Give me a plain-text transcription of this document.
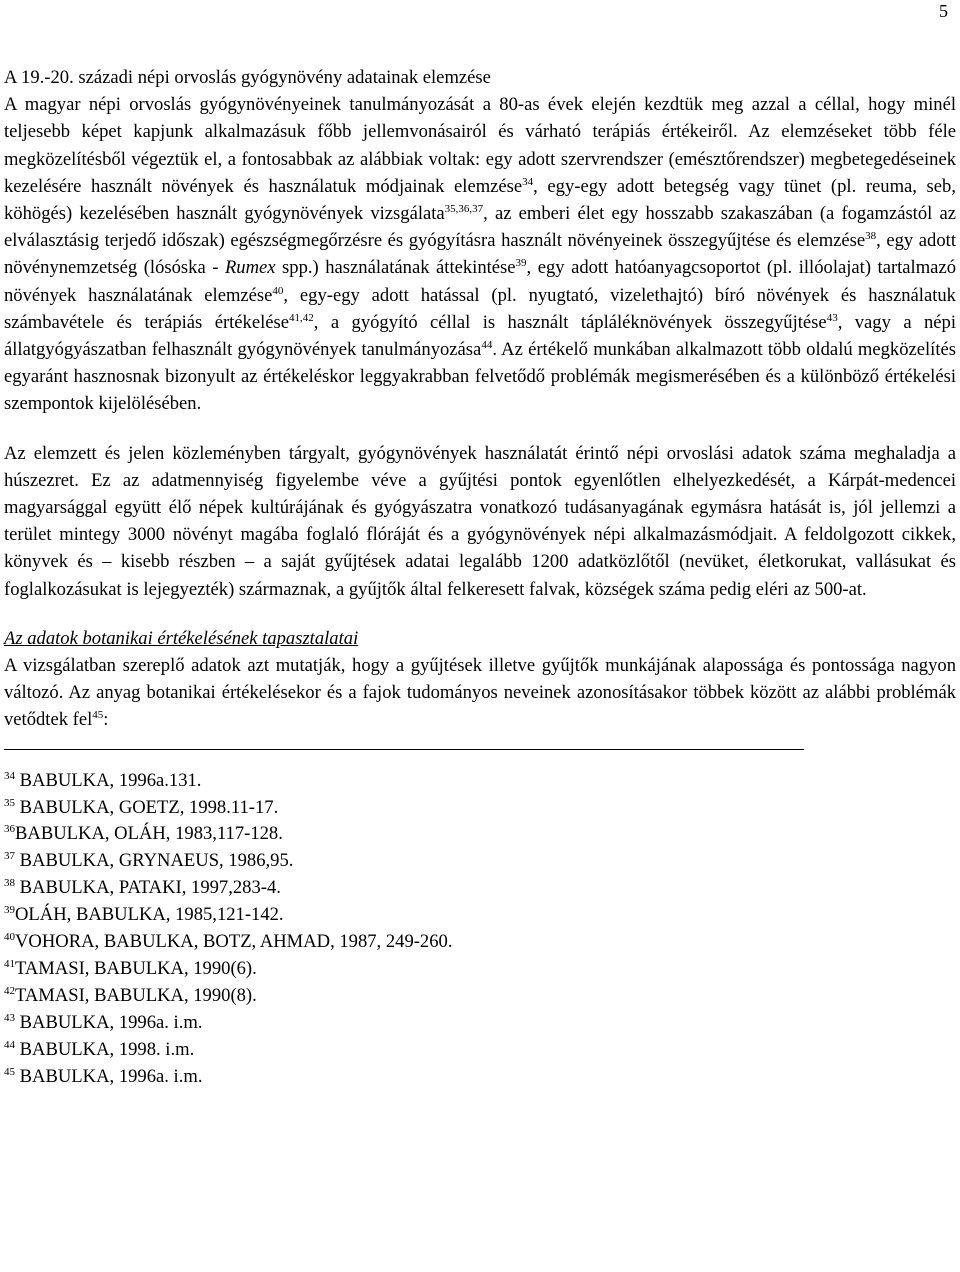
5

A 19.-20. századi népi orvoslás gyógynövény adatainak elemzése

A magyar népi orvoslás gyógynövényeinek tanulmányozását a 80-as évek elején kezdtük meg azzal a céllal, hogy minél teljesebb képet kapjunk alkalmazásuk főbb jellemvonásairól és várható terápiás értékeiről. Az elemzéseket több féle megközelítésből végeztük el, a fontosabbak az alábbiak voltak: egy adott szervrendszer (emésztőrendszer) megbetegedéseinek kezelésére használt növények és használatuk módjainak elemzése$^{34}$, egy-egy adott betegség vagy tünet (pl. reuma, seb, köhögés) kezelésében használt gyógynövények vizsgálata$^{35,36,37}$, az emberi élet egy hosszabb szakaszában (a fogamzástól az elválasztásig terjedő időszak) egészségmegőrzésre és gyógyításra használt növényeinek összegyűjtése és elemzése$^{38}$, egy adott növénynemzetség (lósóska - Rumex spp.) használatának áttekintése$^{39}$, egy adott hatóanyagcsoportot (pl. illóolajat) tartalmazó növények használatának elemzése$^{40}$, egy-egy adott hatással (pl. nyugtató, vizelethajtó) bíró növények és használatuk számbavétele és terápiás értékelése$^{41,42}$, a gyógyító céllal is használt tápláléknövények összegyűjtése$^{43}$, vagy a népi állatgyógyászatban felhasznált gyógynövények tanulmányozása$^{44}$. Az értékelő munkában alkalmazott több oldalú megközelítés egyaránt hasznosnak bizonyult az értékeléskor leggyakrabban felvetődő problémák megismerésében és a különböző értékelési szempontok kijelölésében.

Az elemzett és jelen közleményben tárgyalt, gyógynövények használatát érintő népi orvoslási adatok száma meghaladja a húszezret. Ez az adatmennyiség figyelembe véve a gyűjtési pontok egyenlőtlen elhelyezkedését, a Kárpát-medencei magyarsággal együtt élő népek kultúrájának és gyógyászatra vonatkozó tudásanyagának egymásra hatását is, jól jellemzi a terület mintegy 3000 növényt magába foglaló flóráját és a gyógynövények népi alkalmazásmódjait. A feldolgozott cikkek, könyvek és – kisebb részben – a saját gyűjtések adatai legalább 1200 adatközlőtől (nevüket, életkorukat, vallásukat és foglalkozásukat is lejegyezték) származnak, a gyűjtők által felkeresett falvak, községek száma pedig eléri az 500-at.

Az adatok botanikai értékelésének tapasztalatai
A vizsgálatban szereplő adatok azt mutatják, hogy a gyűjtések illetve gyűjtők munkájának alapossága és pontossága nagyon változó. Az anyag botanikai értékelésekor és a fajok tudományos neveinek azonosításakor többek között az alábbi problémák vetődtek fel$^{45}$:

$^{34}$ BABULKA, 1996a.131.

$^{35}$ BABULKA, GOETZ, 1998.11-17.

$^{36}$BABULKA, OLÁH, 1983,117-128.

$^{37}$ BABULKA, GRYNAEUS, 1986,95.

$^{38}$ BABULKA, PATAKI, 1997,283-4.

$^{39}$OLÁH, BABULKA, 1985,121-142.

$^{40}$VOHORA, BABULKA, BOTZ, AHMAD, 1987, 249-260.

$^{41}$TAMASI, BABULKA, 1990(6).

$^{42}$TAMASI, BABULKA, 1990(8).

$^{43}$ BABULKA, 1996a. i.m.

$^{44}$ BABULKA, 1998. i.m.

$^{45}$ BABULKA, 1996a. i.m.
